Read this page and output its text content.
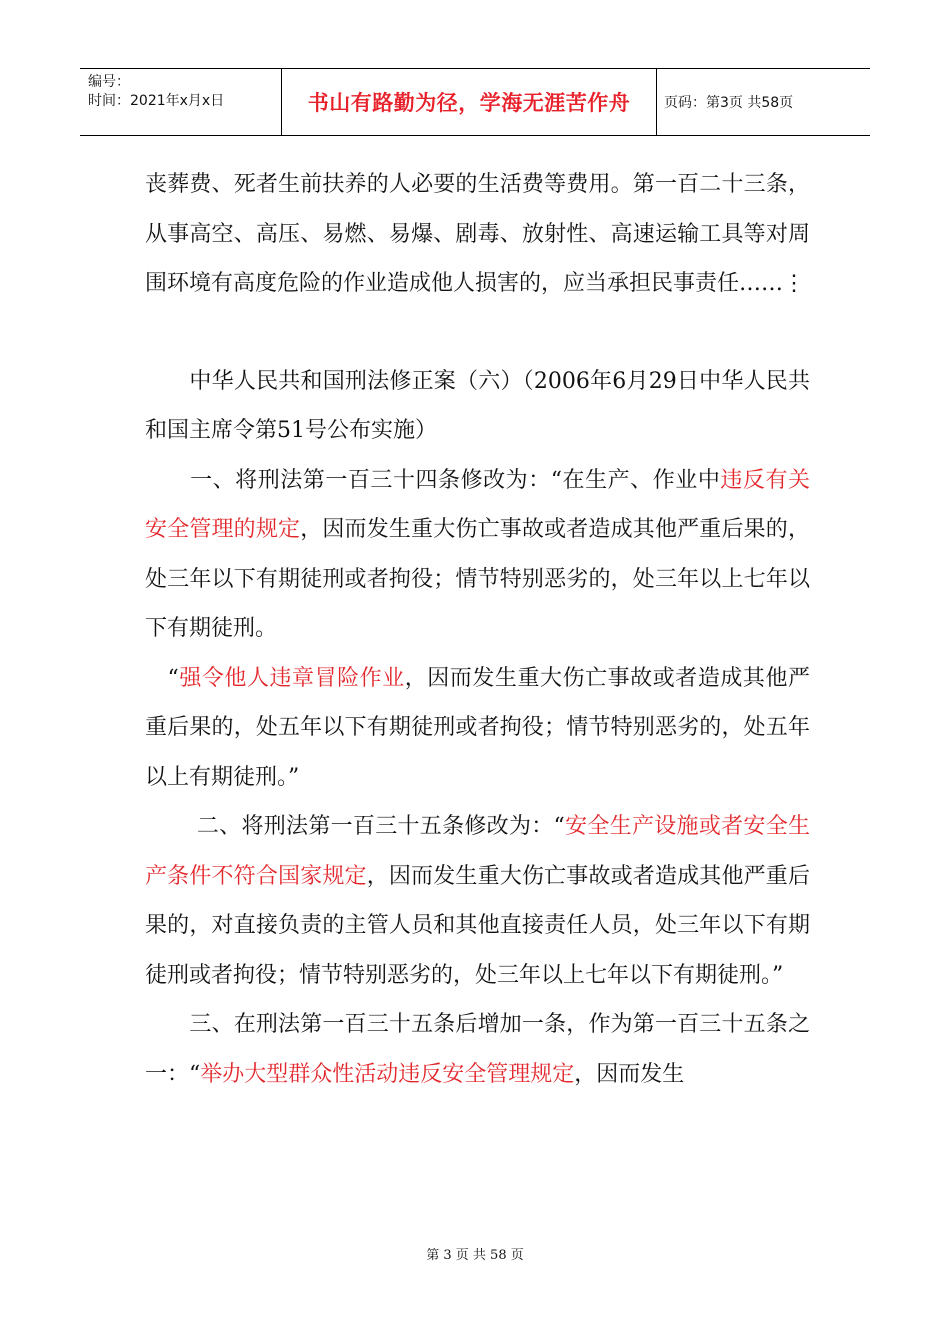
编号：
时间：2021年x月x日	书山有路勤为径，学海无涯苦作舟	页码：第3页 共58页

丧葬费、死者生前扶养的人必要的生活费等费用。第一百二十三条，从事高空、高压、易燃、易爆、剧毒、放射性、高速运输工具等对周围环境有高度危险的作业造成他人损害的，应当承担民事责任……⋮

　　中华人民共和国刑法修正案（六）（2006年6月29日中华人民共和国主席令第51号公布实施）

　　一、将刑法第一百三十四条修改为：“在生产、作业中违反有关安全管理的规定，因而发生重大伤亡事故或者造成其他严重后果的，处三年以下有期徒刑或者拘役；情节特别恶劣的，处三年以上七年以下有期徒刑。

　“强令他人违章冒险作业，因而发生重大伤亡事故或者造成其他严重后果的，处五年以下有期徒刑或者拘役；情节特别恶劣的，处五年以上有期徒刑。”

　　 二、将刑法第一百三十五条修改为：“安全生产设施或者安全生产条件不符合国家规定，因而发生重大伤亡事故或者造成其他严重后果的，对直接负责的主管人员和其他直接责任人员，处三年以下有期徒刑或者拘役；情节特别恶劣的，处三年以上七年以下有期徒刑。”

　　三、在刑法第一百三十五条后增加一条，作为第一百三十五条之一：“举办大型群众性活动违反安全管理规定，因而发生

第 3 页 共 58 页
